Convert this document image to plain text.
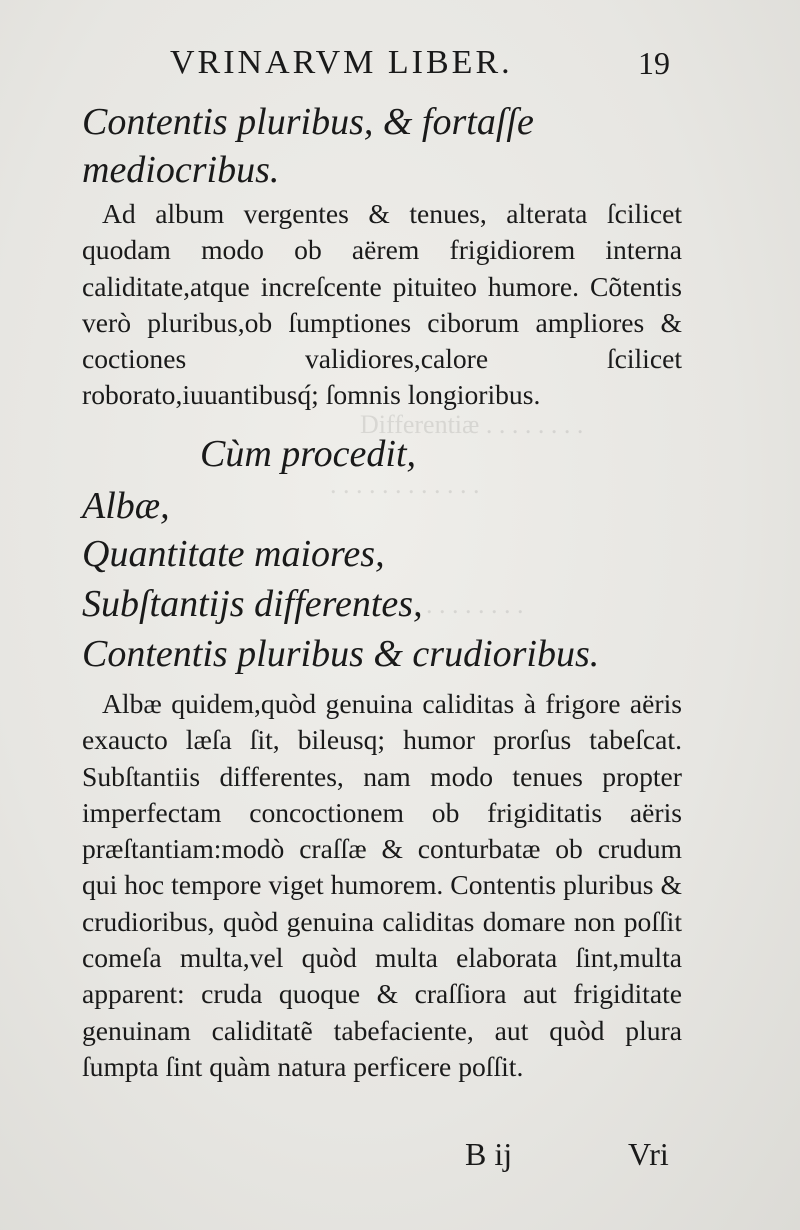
Differentiæ . . . . . . . .
. . . . . . . . . . . .
. . . . . . . . . .
VRINARVM LIBER.	19

Contentis pluribus, & fortaſſe mediocribus.

Ad album vergentes & tenues, alterata ſcilicet quodam modo ob aërem frigidiorem interna caliditate,atque increſcente pituiteo humore. Cõtentis verò pluribus,ob ſumptiones ciborum ampliores & coctiones validiores,calore ſcilicet roborato,iuuantibusq́; ſomnis longioribus.

Cùm procedit,
Albæ,
Quantitate maiores,
Subſtantijs differentes,
Contentis pluribus & crudioribus.

Albæ quidem,quòd genuina caliditas à frigore aëris exaucto læſa ſit, bileusq; humor prorſus tabeſcat. Subſtantiis differentes, nam modo tenues propter imperfectam concoctionem ob frigiditatis aëris præſtantiam:modò craſſæ & conturbatæ ob crudum qui hoc tempore viget humorem. Contentis pluribus & crudioribus, quòd genuina caliditas domare non poſſit comeſa multa,vel quòd multa elaborata ſint,multa apparent: cruda quoque & craſſiora aut frigiditate genuinam caliditatẽ tabefaciente, aut quòd plura ſumpta ſint quàm natura perficere poſſit.

B ij	Vri
